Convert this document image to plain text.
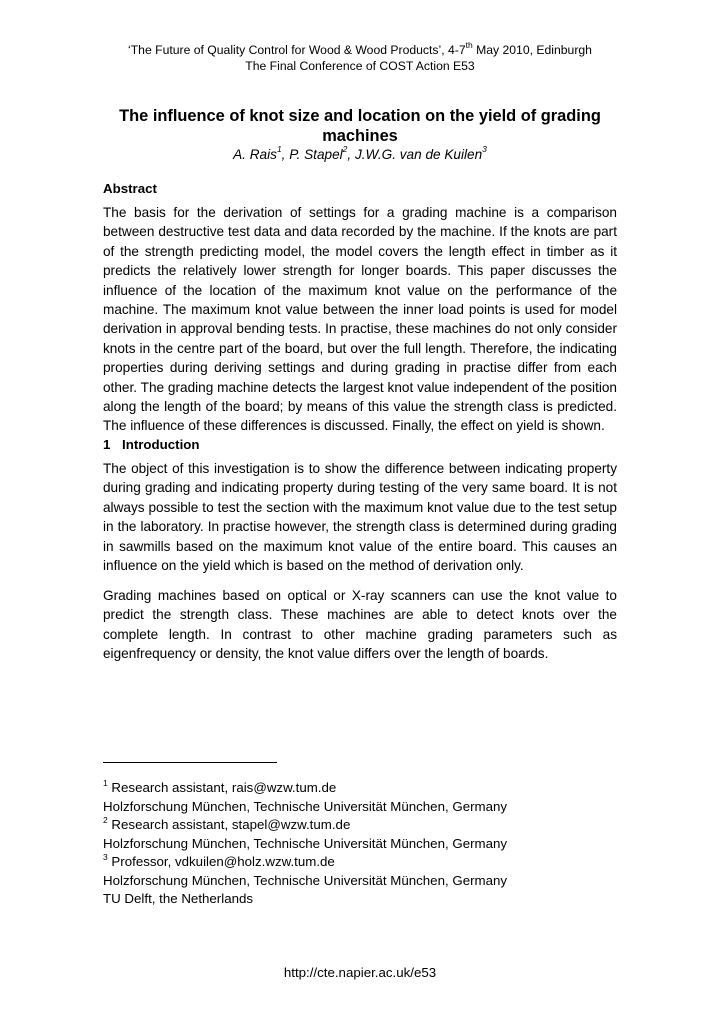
‘The Future of Quality Control for Wood & Wood Products’, 4-7th May 2010, Edinburgh
The Final Conference of COST Action E53
The influence of knot size and location on the yield of grading machines
A. Rais$^1$, P. Stapel$^2$, J.W.G. van de Kuilen$^3$
Abstract
The basis for the derivation of settings for a grading machine is a comparison between destructive test data and data recorded by the machine. If the knots are part of the strength predicting model, the model covers the length effect in timber as it predicts the relatively lower strength for longer boards. This paper discusses the influence of the location of the maximum knot value on the performance of the machine. The maximum knot value between the inner load points is used for model derivation in approval bending tests. In practise, these machines do not only consider knots in the centre part of the board, but over the full length. Therefore, the indicating properties during deriving settings and during grading in practise differ from each other. The grading machine detects the largest knot value independent of the position along the length of the board; by means of this value the strength class is predicted. The influence of these differences is discussed. Finally, the effect on yield is shown.
1 Introduction
The object of this investigation is to show the difference between indicating property during grading and indicating property during testing of the very same board. It is not always possible to test the section with the maximum knot value due to the test setup in the laboratory. In practise however, the strength class is determined during grading in sawmills based on the maximum knot value of the entire board. This causes an influence on the yield which is based on the method of derivation only.
Grading machines based on optical or X-ray scanners can use the knot value to predict the strength class. These machines are able to detect knots over the complete length. In contrast to other machine grading parameters such as eigenfrequency or density, the knot value differs over the length of boards.
$^1$ Research assistant, rais@wzw.tum.de
Holzforschung München, Technische Universität München, Germany
$^2$ Research assistant, stapel@wzw.tum.de
Holzforschung München, Technische Universität München, Germany
$^3$ Professor, vdkuilen@holz.wzw.tum.de
Holzforschung München, Technische Universität München, Germany
TU Delft, the Netherlands
http://cte.napier.ac.uk/e53
